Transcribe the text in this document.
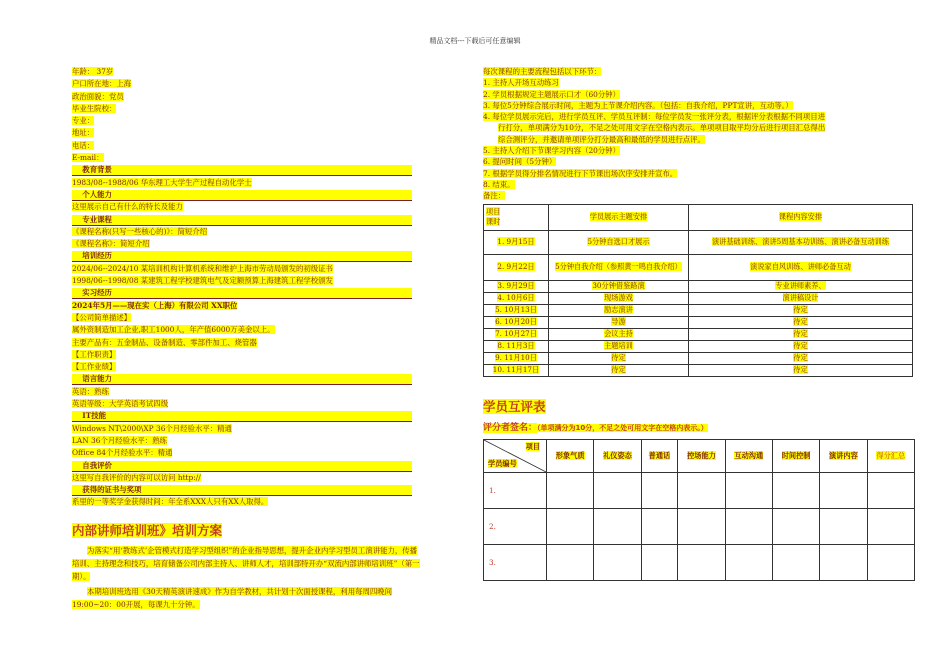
精品文档---下载后可任意编辑
年龄： 37岁
户口所在地：上海
政治面貌：党员
毕业生院校：
专业：
地址：
电话：
E-mail：
教育背景
1983/08--1988/06 华东理工大学生产过程自动化学士
个人能力
这里展示自己有什么的特长及能力
专业课程
《课程名称(只写一些核心的)》：简短介绍
《课程名称》：简短介绍
培训经历
2024/06--2024/10 某培训机构计算机系统和维护上海市劳动局颁发的初级证书
1998/06--1998/08 某建筑工程学校建筑电气及定额预算上海建筑工程学校颁发
实习经历
2024年5月——现在实（上海）有限公司 XX职位
【公司简单描述】
属外资制造加工企业,职工1000人，年产值6000万美金以上。
主要产品有：五金制品、设备制造、零部件加工、烧管器
【工作职责】
【工作业绩】
语言能力
英语：熟练
英语等级：大学英语考试四级
IT技能
Windows NT\2000\XP 36个月经验水平：精通
LAN 36个月经验水平：熟练
Office 84个月经验水平：精通
自我评价
这里写自我评价的内容可以访问 http://
获得的证书与奖项
系里的一等奖学金获得时间：年全系XXX人只有XX人取得。
内部讲师培训班》培训方案
为落实“用‘教练式’企管模式打造学习型组织”的企业指导思想，提升企业内学习型员工演讲能力，传播培训、主持理念和技巧，培育储备公司内部主持人、讲师人才，培训部特开办“双流内部讲师培训班”（第一期）。
本期培训班选用《30天精英演讲速成》作为自学教材，共计划十次面授课程，利用每周四晚间19:00~20：00开展，每课九十分钟。
每次课程的主要流程包括以下环节：
1. 主持人开场互动练习
2. 学员根据规定主题展示口才（60分钟）
3. 每位5分钟综合展示时间，主题为上节课介绍内容。（包括：自我介绍，PPT宣讲，互动等。）
4. 每位学员展示完后，进行学员互评、学员互评制：每位学员发一张评分表，根据评分表根据不同项目进
行打分，单项满分为10分，不足之处可用文字在空格内表示。单项项目取平均分后进行项目汇总得出
综合测评分，并邀请单项评分打分最高和最低的学员进行点评。
5. 主持人介绍下节课学习内容（20分钟）
6. 提问时间（5分钟）
7. 根据学员得分排名情况进行下节课出场次序安排并宣布。
8. 结束。
备注：
项目
课时	学员展示主题安排	课程内容安排
1. 9月15日	5分钟自选口才展示	演讲基础训练、演讲5周基本功训练、演讲必备互动训练
2. 9月22日	5分钟自我介绍（参照黄一鸣自我介绍）	演说家自风训练、讲师必备互动
3. 9月29日	30分钟借鉴路演	专业讲师素养、
4. 10月6日	现场游戏	演讲稿设计
5. 10月13日	励志演讲	待定
6. 10月20日	导游	待定
7. 10月27日	会议主持	待定
8. 11月3日	主题培训	待定
9. 11月10日	待定	待定
10. 11月17日	待定	待定
学员互评表
评分者签名：（单项满分为10分，不足之处可用文字在空格内表示。）
项目
学员编号	形象气质	礼仪姿态	普通话	控场能力	互动沟通	时间控制	演讲内容	得分汇总
1.								
2.								
3.								
